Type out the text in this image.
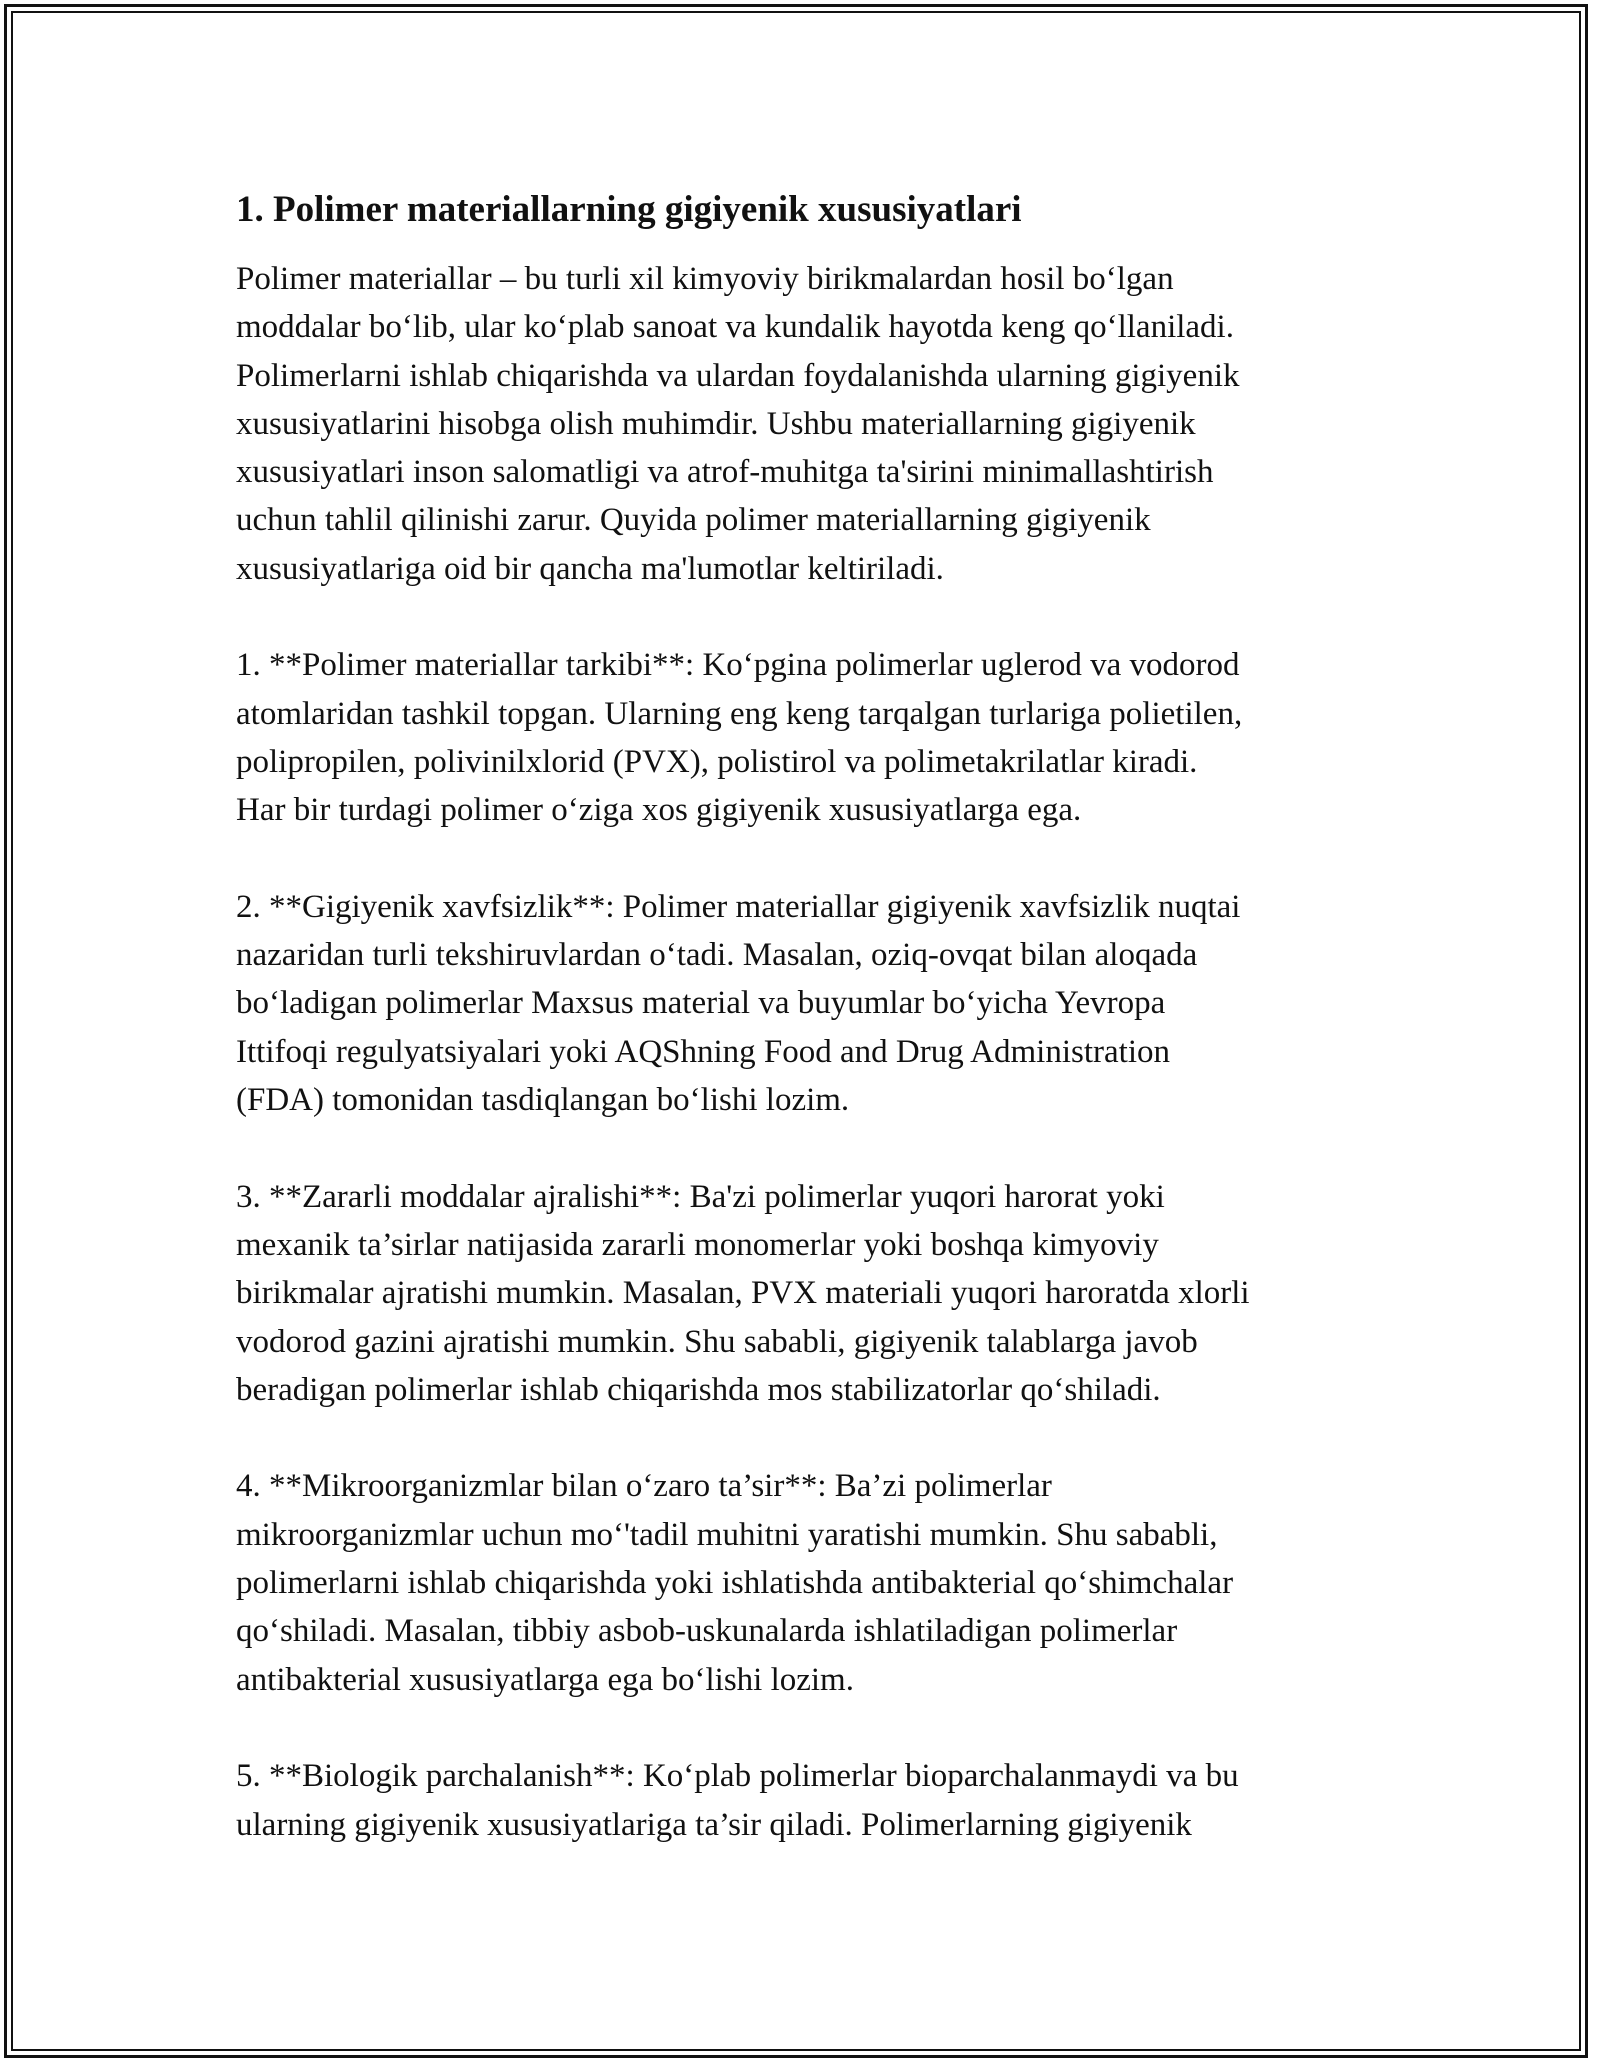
1. Polimer materiallarning gigiyenik xususiyatlari

Polimer materiallar – bu turli xil kimyoviy birikmalardan hosil boʻlgan
moddalar boʻlib, ular koʻplab sanoat va kundalik hayotda keng qoʻllaniladi.
Polimerlarni ishlab chiqarishda va ulardan foydalanishda ularning gigiyenik
xususiyatlarini hisobga olish muhimdir. Ushbu materiallarning gigiyenik
xususiyatlari inson salomatligi va atrof-muhitga ta'sirini minimallashtirish
uchun tahlil qilinishi zarur. Quyida polimer materiallarning gigiyenik
xususiyatlariga oid bir qancha ma'lumotlar keltiriladi.

1. **Polimer materiallar tarkibi**: Koʻpgina polimerlar uglerod va vodorod
atomlaridan tashkil topgan. Ularning eng keng tarqalgan turlariga polietilen,
polipropilen, polivinilxlorid (PVX), polistirol va polimetakrilatlar kiradi.
Har bir turdagi polimer oʻziga xos gigiyenik xususiyatlarga ega.

2. **Gigiyenik xavfsizlik**: Polimer materiallar gigiyenik xavfsizlik nuqtai
nazaridan turli tekshiruvlardan oʻtadi. Masalan, oziq-ovqat bilan aloqada
boʻladigan polimerlar Maxsus material va buyumlar boʻyicha Yevropa
Ittifoqi regulyatsiyalari yoki AQShning Food and Drug Administration
(FDA) tomonidan tasdiqlangan boʻlishi lozim.

3. **Zararli moddalar ajralishi**: Ba'zi polimerlar yuqori harorat yoki
mexanik ta’sirlar natijasida zararli monomerlar yoki boshqa kimyoviy
birikmalar ajratishi mumkin. Masalan, PVX materiali yuqori haroratda xlorli
vodorod gazini ajratishi mumkin. Shu sababli, gigiyenik talablarga javob
beradigan polimerlar ishlab chiqarishda mos stabilizatorlar qoʻshiladi.

4. **Mikroorganizmlar bilan oʻzaro ta’sir**: Ba’zi polimerlar
mikroorganizmlar uchun moʻ'tadil muhitni yaratishi mumkin. Shu sababli,
polimerlarni ishlab chiqarishda yoki ishlatishda antibakterial qoʻshimchalar
qoʻshiladi. Masalan, tibbiy asbob-uskunalarda ishlatiladigan polimerlar
antibakterial xususiyatlarga ega boʻlishi lozim.

5. **Biologik parchalanish**: Koʻplab polimerlar bioparchalanmaydi va bu
ularning gigiyenik xususiyatlariga ta’sir qiladi. Polimerlarning gigiyenik
